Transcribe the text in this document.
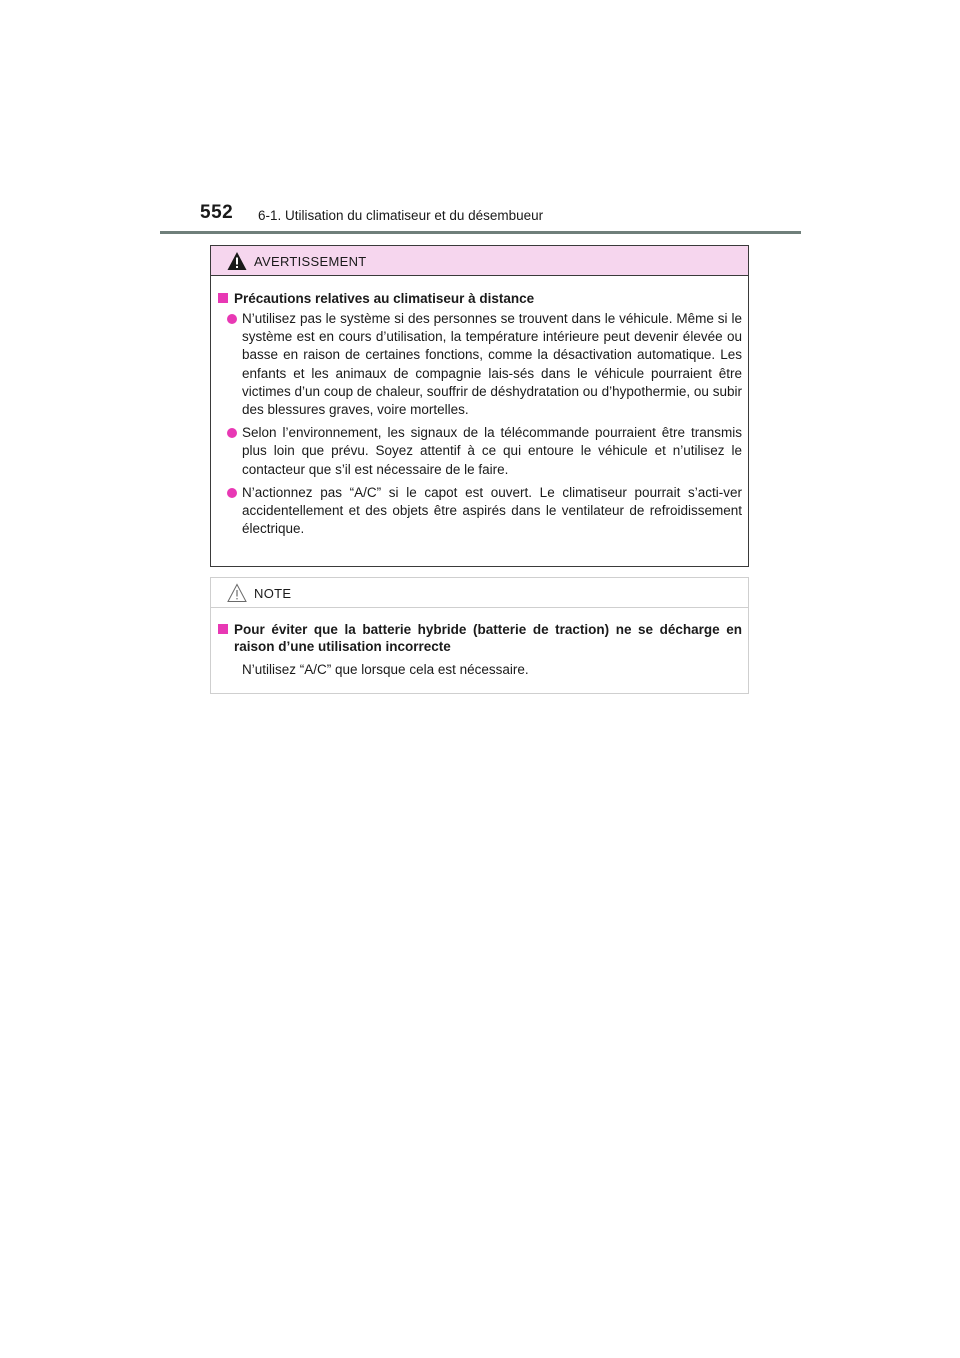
552 6-1. Utilisation du climatiseur et du désembueur
AVERTISSEMENT
Précautions relatives au climatiseur à distance
N’utilisez pas le système si des personnes se trouvent dans le véhicule. Même si le système est en cours d’utilisation, la température intérieure peut devenir élevée ou basse en raison de certaines fonctions, comme la désactivation automatique. Les enfants et les animaux de compagnie lais-sés dans le véhicule pourraient être victimes d’un coup de chaleur, souffrir de déshydratation ou d’hypothermie, ou subir des blessures graves, voire mortelles.
Selon l’environnement, les signaux de la télécommande pourraient être transmis plus loin que prévu. Soyez attentif à ce qui entoure le véhicule et n’utilisez le contacteur que s’il est nécessaire de le faire.
N’actionnez pas “A/C” si le capot est ouvert. Le climatiseur pourrait s’acti-ver accidentellement et des objets être aspirés dans le ventilateur de refroidissement électrique.
NOTE
Pour éviter que la batterie hybride (batterie de traction) ne se décharge en raison d’une utilisation incorrecte
N’utilisez “A/C” que lorsque cela est nécessaire.
